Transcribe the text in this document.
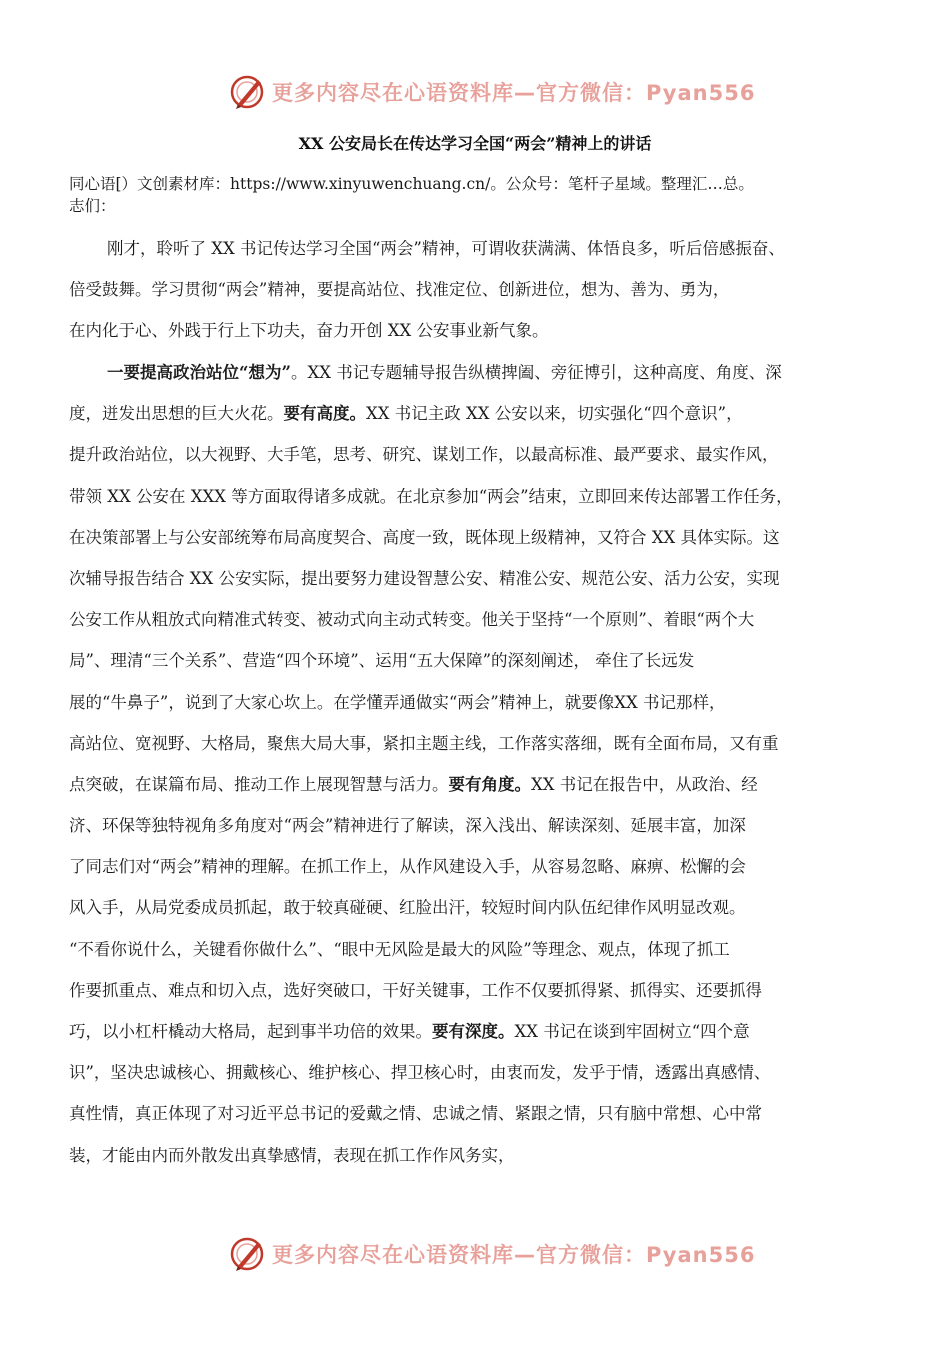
更多内容尽在心语资料库—官方微信：Pyan556
XX 公安局长在传达学习全国“两会”精神上的讲话
同心语[）文创素材库：https://www.xinyuwenchuang.cn/。公众号：笔杆子星域。整理汇…总。
志们：
刚才，聆听了 XX 书记传达学习全国“两会”精神，可谓收获满满、体悟良多，听后倍感振奋、
倍受鼓舞。学习贯彻“两会”精神，要提高站位、找准定位、创新进位，想为、善为、勇为，
在内化于心、外践于行上下功夫，奋力开创 XX 公安事业新气象。
一要提高政治站位“想为”。XX 书记专题辅导报告纵横捭阖、旁征博引，这种高度、角度、深
度，迸发出思想的巨大火花。要有高度。XX 书记主政 XX 公安以来，切实强化“四个意识”，
提升政治站位，以大视野、大手笔，思考、研究、谋划工作，以最高标准、最严要求、最实作风，
带领 XX 公安在 XXX 等方面取得诸多成就。在北京参加“两会”结束，立即回来传达部署工作任务，
在决策部署上与公安部统筹布局高度契合、高度一致，既体现上级精神，又符合 XX 具体实际。这
次辅导报告结合 XX 公安实际，提出要努力建设智慧公安、精准公安、规范公安、活力公安，实现
公安工作从粗放式向精准式转变、被动式向主动式转变。他关于坚持“一个原则”、着眼“两个大
局”、理清“三个关系”、营造“四个环境”、运用“五大保障”的深刻阐述， 牵住了长远发
展的“牛鼻子”，说到了大家心坎上。在学懂弄通做实“两会”精神上，就要像XX 书记那样，
高站位、宽视野、大格局，聚焦大局大事，紧扣主题主线，工作落实落细，既有全面布局，又有重
点突破，在谋篇布局、推动工作上展现智慧与活力。要有角度。XX 书记在报告中，从政治、经
济、环保等独特视角多角度对“两会”精神进行了解读，深入浅出、解读深刻、延展丰富，加深
了同志们对“两会”精神的理解。在抓工作上，从作风建设入手，从容易忽略、麻痹、松懈的会
风入手，从局党委成员抓起，敢于较真碰硬、红脸出汗，较短时间内队伍纪律作风明显改观。
“不看你说什么，关键看你做什么”、“眼中无风险是最大的风险”等理念、观点，体现了抓工
作要抓重点、难点和切入点，选好突破口，干好关键事，工作不仅要抓得紧、抓得实、还要抓得
巧，以小杠杆橇动大格局，起到事半功倍的效果。要有深度。XX 书记在谈到牢固树立“四个意
识”，坚决忠诚核心、拥戴核心、维护核心、捍卫核心时，由衷而发，发乎于情，透露出真感情、
真性情，真正体现了对习近平总书记的爱戴之情、忠诚之情、紧跟之情，只有脑中常想、心中常
装，才能由内而外散发出真挚感情，表现在抓工作作风务实，
更多内容尽在心语资料库—官方微信：Pyan556
